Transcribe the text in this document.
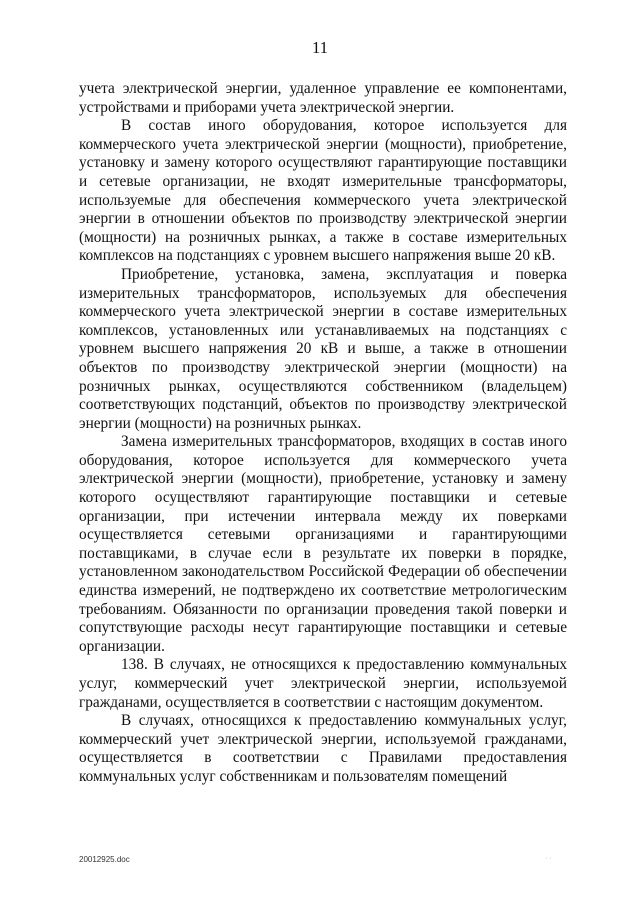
11

учета электрической энергии, удаленное управление ее компонентами, устройствами и приборами учета электрической энергии.

В состав иного оборудования, которое используется для коммерческого учета электрической энергии (мощности), приобретение, установку и замену которого осуществляют гарантирующие поставщики и сетевые организации, не входят измерительные трансформаторы, используемые для обеспечения коммерческого учета электрической энергии в отношении объектов по производству электрической энергии (мощности) на розничных рынках, а также в составе измерительных комплексов на подстанциях с уровнем высшего напряжения выше 20 кВ.

Приобретение, установка, замена, эксплуатация и поверка измерительных трансформаторов, используемых для обеспечения коммерческого учета электрической энергии в составе измерительных комплексов, установленных или устанавливаемых на подстанциях с уровнем высшего напряжения 20 кВ и выше, а также в отношении объектов по производству электрической энергии (мощности) на розничных рынках, осуществляются собственником (владельцем) соответствующих подстанций, объектов по производству электрической энергии (мощности) на розничных рынках.

Замена измерительных трансформаторов, входящих в состав иного оборудования, которое используется для коммерческого учета электрической энергии (мощности), приобретение, установку и замену которого осуществляют гарантирующие поставщики и сетевые организации, при истечении интервала между их поверками осуществляется сетевыми организациями и гарантирующими поставщиками, в случае если в результате их поверки в порядке, установленном законодательством Российской Федерации об обеспечении единства измерений, не подтверждено их соответствие метрологическим требованиям. Обязанности по организации проведения такой поверки и сопутствующие расходы несут гарантирующие поставщики и сетевые организации.

138. В случаях, не относящихся к предоставлению коммунальных услуг, коммерческий учет электрической энергии, используемой гражданами, осуществляется в соответствии с настоящим документом.

В случаях, относящихся к предоставлению коммунальных услуг, коммерческий учет электрической энергии, используемой гражданами, осуществляется в соответствии с Правилами предоставления коммунальных услуг собственникам и пользователям помещений

20012925.doc	· ·
